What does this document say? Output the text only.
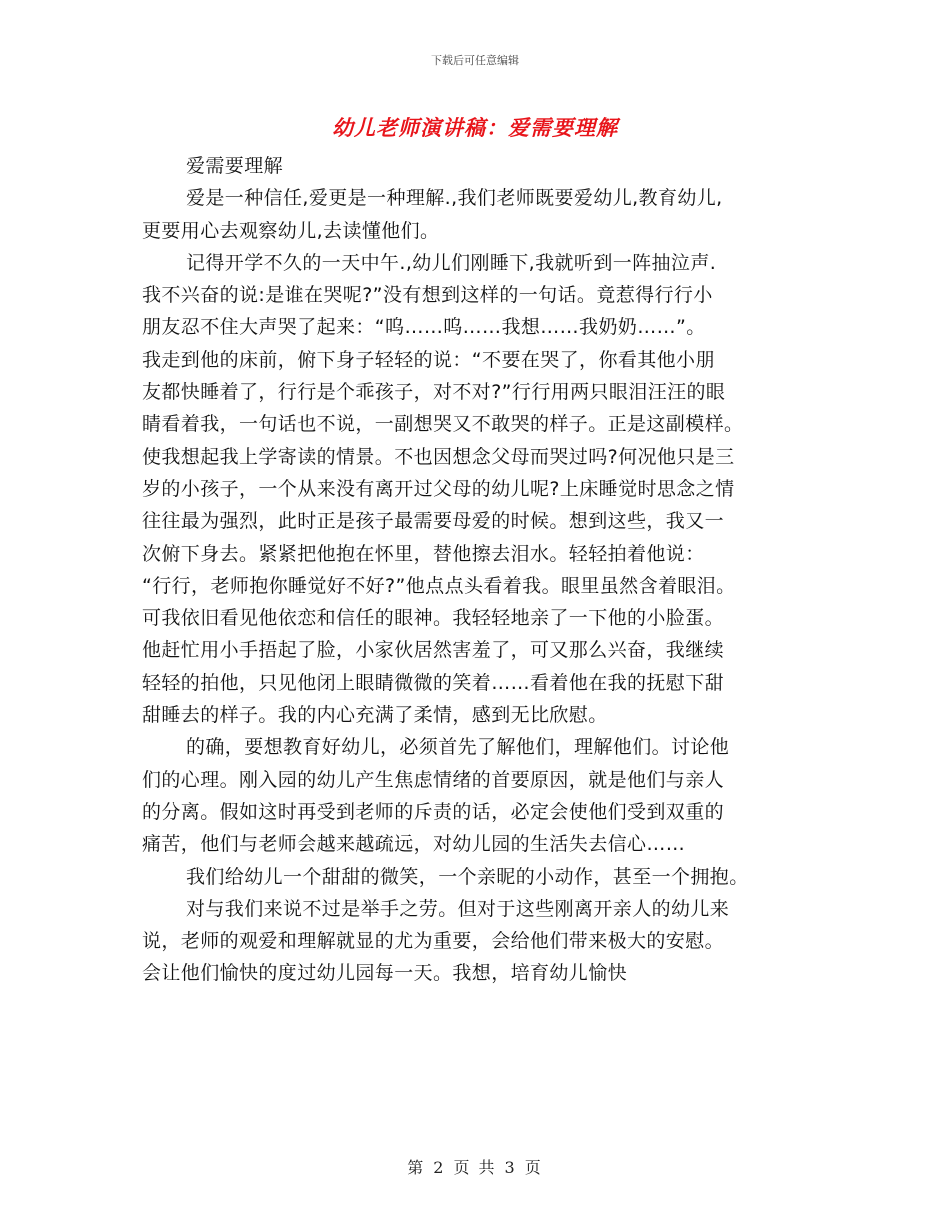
下载后可任意编辑
幼儿老师演讲稿：爱需要理解
爱需要理解
爱是一种信任,爱更是一种理解.,我们老师既要爱幼儿,教育幼儿,
更要用心去观察幼儿,去读懂他们。
记得开学不久的一天中午.,幼儿们刚睡下,我就听到一阵抽泣声.
我不兴奋的说:是谁在哭呢?”没有想到这样的一句话。竟惹得行行小
朋友忍不住大声哭了起来：“呜……呜……我想……我奶奶……”。
我走到他的床前，俯下身子轻轻的说：“不要在哭了，你看其他小朋
友都快睡着了，行行是个乖孩子，对不对?”行行用两只眼泪汪汪的眼
睛看着我，一句话也不说，一副想哭又不敢哭的样子。正是这副模样。
使我想起我上学寄读的情景。不也因想念父母而哭过吗?何况他只是三
岁的小孩子，一个从来没有离开过父母的幼儿呢?上床睡觉时思念之情
往往最为强烈，此时正是孩子最需要母爱的时候。想到这些，我又一
次俯下身去。紧紧把他抱在怀里，替他擦去泪水。轻轻拍着他说：
“行行，老师抱你睡觉好不好?”他点点头看着我。眼里虽然含着眼泪。
可我依旧看见他依恋和信任的眼神。我轻轻地亲了一下他的小脸蛋。
他赶忙用小手捂起了脸，小家伙居然害羞了，可又那么兴奋，我继续
轻轻的拍他，只见他闭上眼睛微微的笑着……看着他在我的抚慰下甜
甜睡去的样子。我的内心充满了柔情，感到无比欣慰。
的确，要想教育好幼儿，必须首先了解他们，理解他们。讨论他
们的心理。刚入园的幼儿产生焦虑情绪的首要原因，就是他们与亲人
的分离。假如这时再受到老师的斥责的话，必定会使他们受到双重的
痛苦，他们与老师会越来越疏远，对幼儿园的生活失去信心……
我们给幼儿一个甜甜的微笑，一个亲昵的小动作，甚至一个拥抱。
对与我们来说不过是举手之劳。但对于这些刚离开亲人的幼儿来
说，老师的观爱和理解就显的尤为重要，会给他们带来极大的安慰。
会让他们愉快的度过幼儿园每一天。我想，培育幼儿愉快
第 2 页 共 3 页
